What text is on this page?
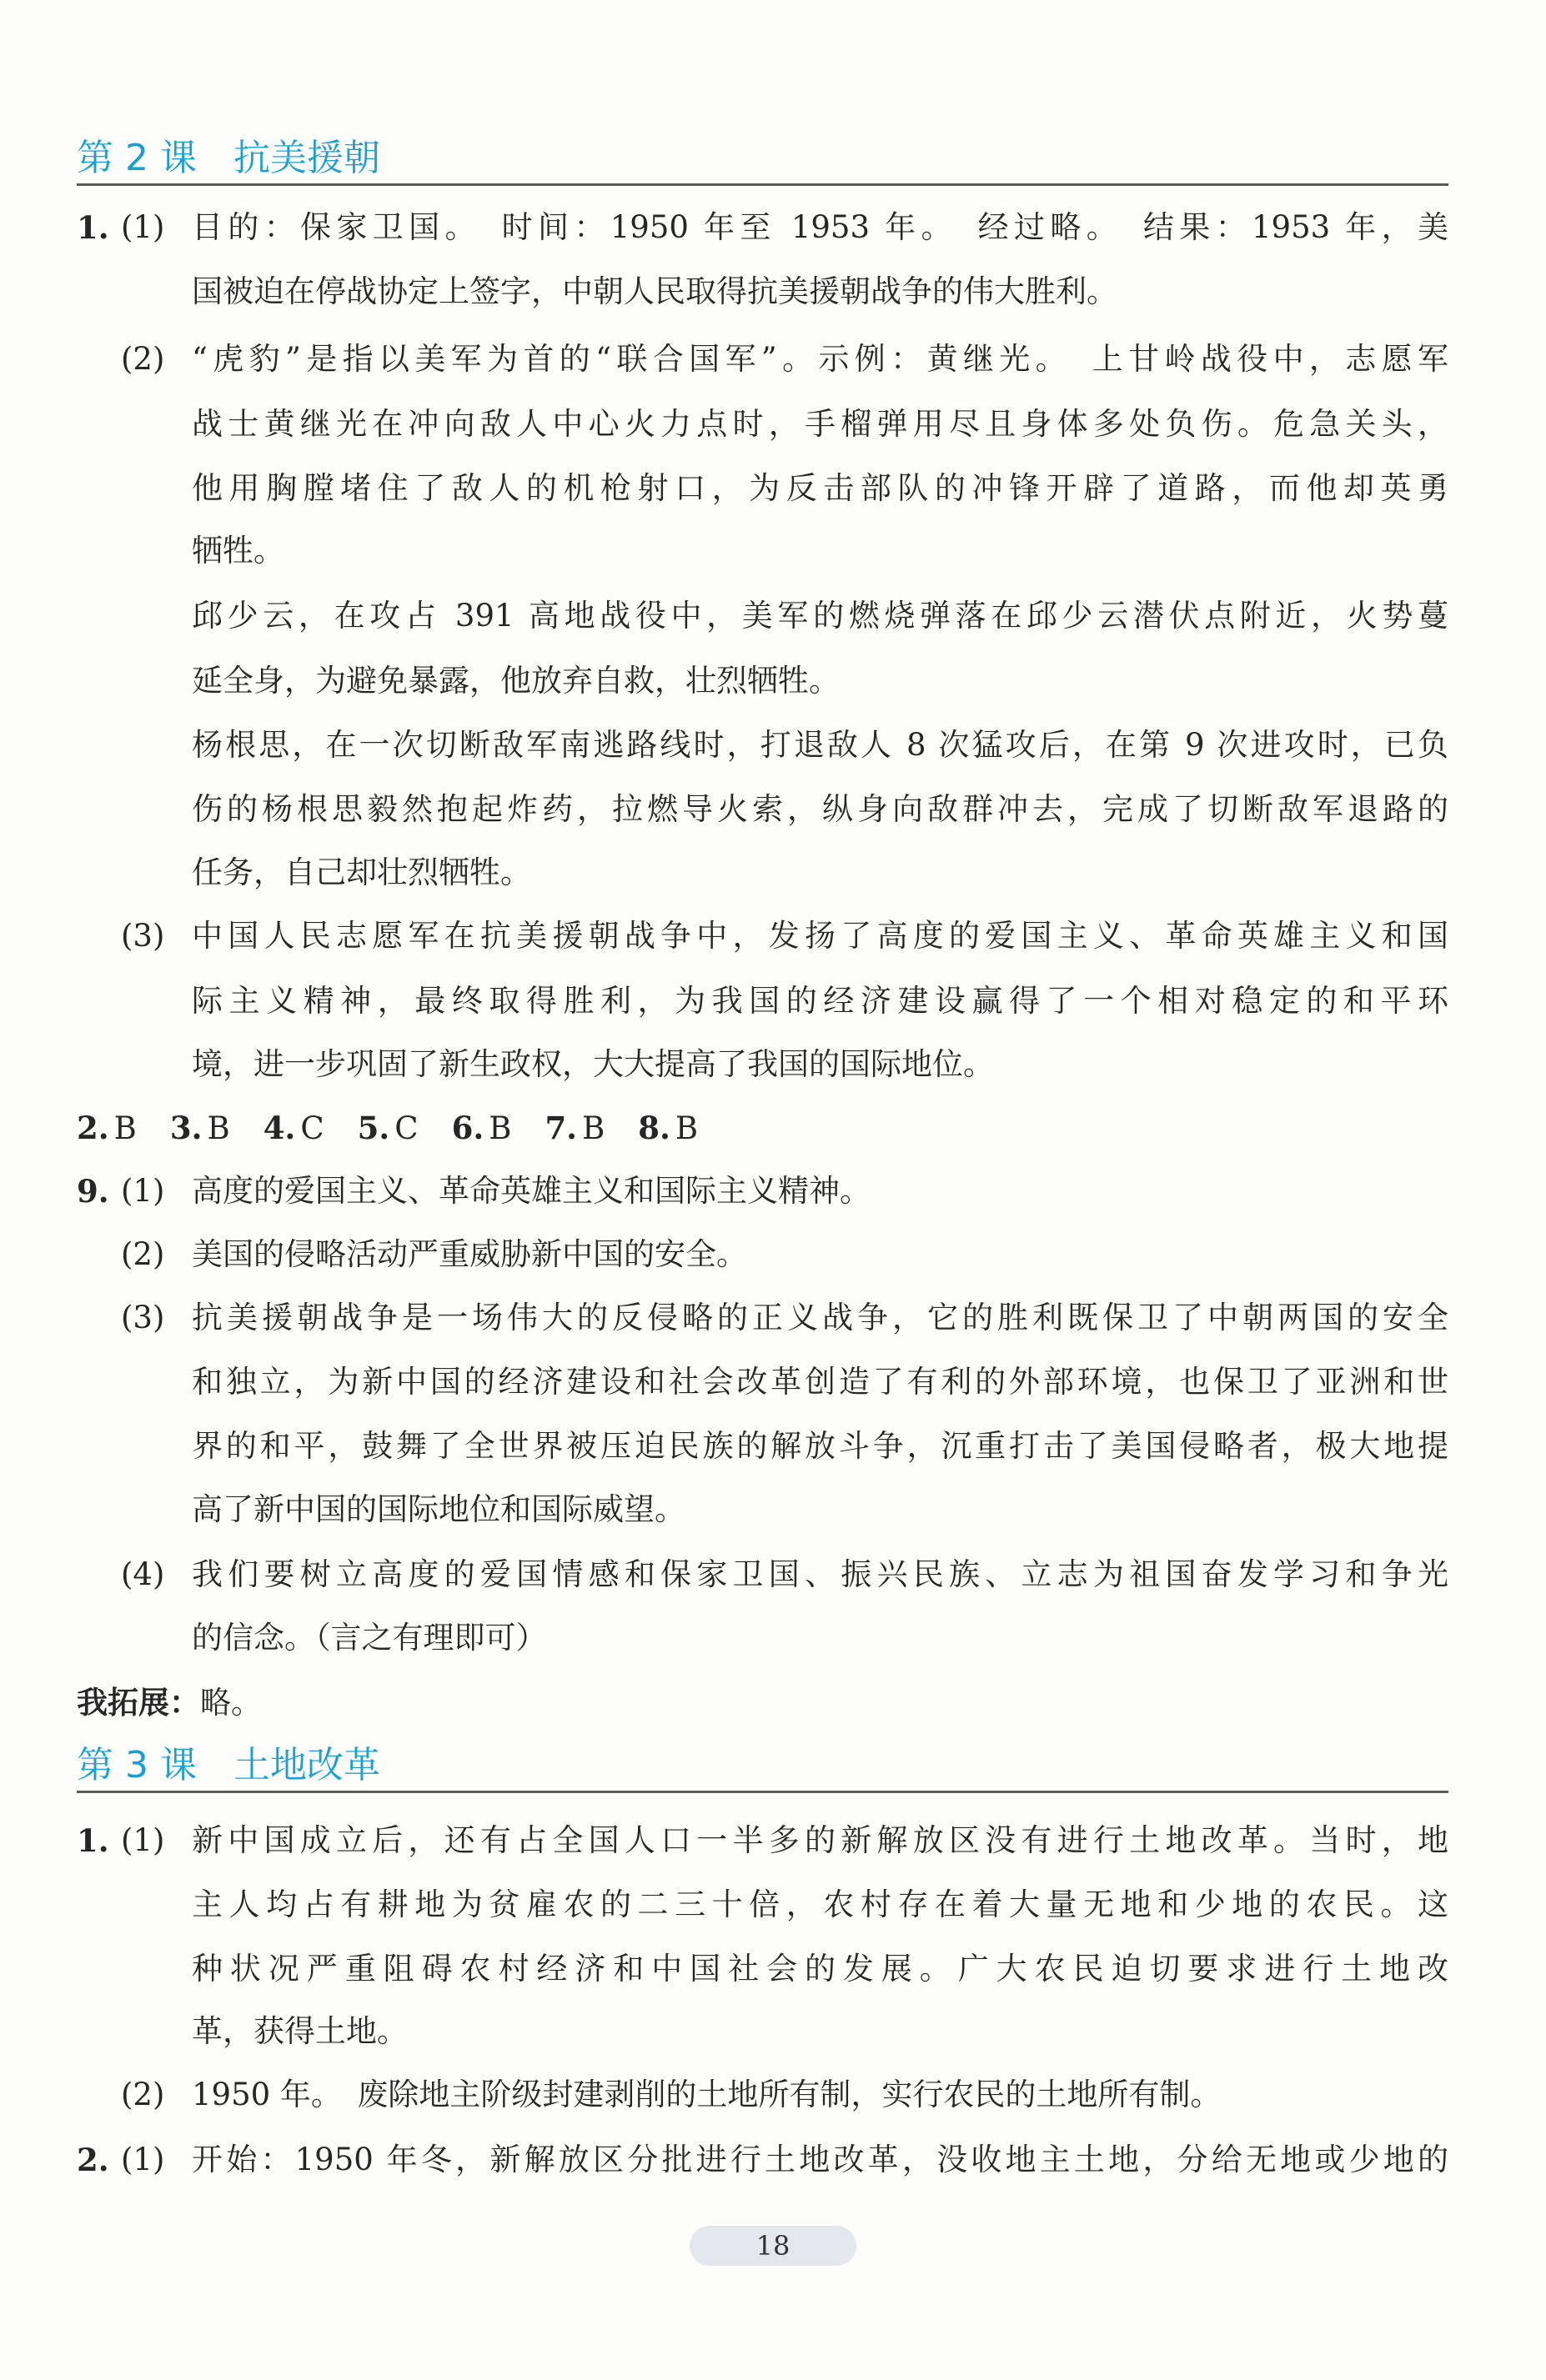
第 2 课 抗美援朝
1. (1) 目的：保家卫国。　时间：1950 年至 1953 年。　经过略。　结果：1953 年，美
国被迫在停战协定上签字，中朝人民取得抗美援朝战争的伟大胜利。
(2) “虎豹”是指以美军为首的“联合国军”。示例：黄继光。　上甘岭战役中，志愿军
战士黄继光在冲向敌人中心火力点时，手榴弹用尽且身体多处负伤。危急关头，
他用胸膛堵住了敌人的机枪射口，为反击部队的冲锋开辟了道路，而他却英勇
牺牲。
邱少云，在攻占 391 高地战役中，美军的燃烧弹落在邱少云潜伏点附近，火势蔓
延全身，为避免暴露，他放弃自救，壮烈牺牲。
杨根思，在一次切断敌军南逃路线时，打退敌人 8 次猛攻后，在第 9 次进攻时，已负
伤的杨根思毅然抱起炸药，拉燃导火索，纵身向敌群冲去，完成了切断敌军退路的
任务，自己却壮烈牺牲。
(3) 中国人民志愿军在抗美援朝战争中，发扬了高度的爱国主义、革命英雄主义和国
际主义精神，最终取得胜利，为我国的经济建设赢得了一个相对稳定的和平环
境，进一步巩固了新生政权，大大提高了我国的国际地位。
2. B 3. B 4. C 5. C 6. B 7. B 8. B
9. (1) 高度的爱国主义、革命英雄主义和国际主义精神。
(2) 美国的侵略活动严重威胁新中国的安全。
(3) 抗美援朝战争是一场伟大的反侵略的正义战争，它的胜利既保卫了中朝两国的安全
和独立，为新中国的经济建设和社会改革创造了有利的外部环境，也保卫了亚洲和世
界的和平，鼓舞了全世界被压迫民族的解放斗争，沉重打击了美国侵略者，极大地提
高了新中国的国际地位和国际威望。
(4) 我们要树立高度的爱国情感和保家卫国、振兴民族、立志为祖国奋发学习和争光
的信念。（言之有理即可）
我拓展：略。
第 3 课 土地改革
1. (1) 新中国成立后，还有占全国人口一半多的新解放区没有进行土地改革。当时，地
主人均占有耕地为贫雇农的二三十倍，农村存在着大量无地和少地的农民。这
种状况严重阻碍农村经济和中国社会的发展。广大农民迫切要求进行土地改
革，获得土地。
(2) 1950 年。　废除地主阶级封建剥削的土地所有制，实行农民的土地所有制。
2. (1) 开始：1950 年冬，新解放区分批进行土地改革，没收地主土地，分给无地或少地的
18
